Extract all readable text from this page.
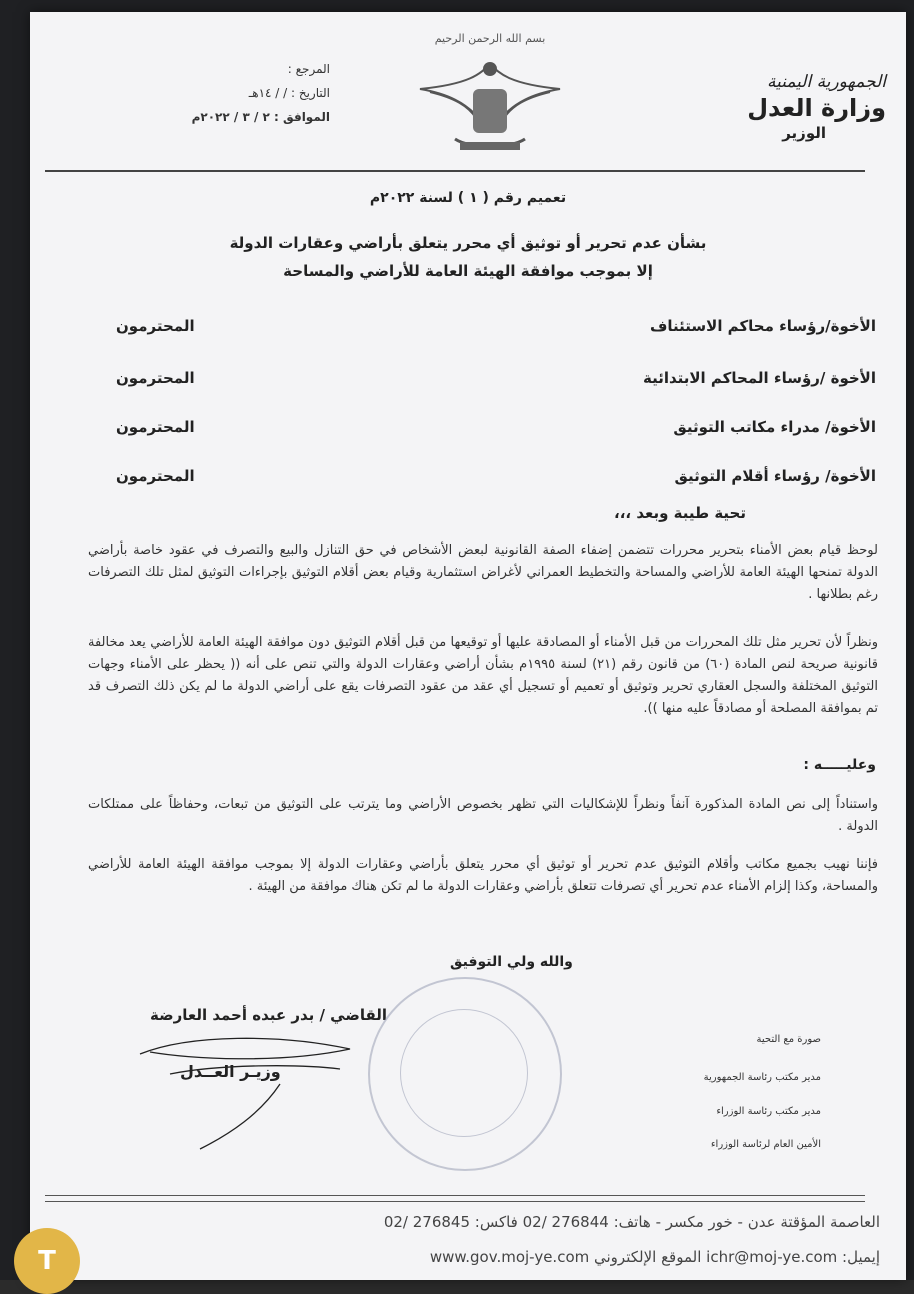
الجمهورية اليمنية
وزارة العدل
الوزير
بسم الله الرحمن الرحيم
المرجع :
التاريخ : / / ١٤هـ
الموافق : ٢ / ٣ / ٢٠٢٢م
تعميم رقم ( ١ ) لسنة ٢٠٢٢م
بشأن عدم تحرير أو توثيق أي محرر يتعلق بأراضي وعقارات الدولة
إلا بموجب موافقة الهيئة العامة للأراضي والمساحة
الأخوة/رؤساء محاكم الاستئناف
المحترمون
الأخوة /رؤساء المحاكم الابتدائية
المحترمون
الأخوة/ مدراء مكاتب التوثيق
المحترمون
الأخوة/ رؤساء أقلام التوثيق
المحترمون
تحية طيبة وبعد ،،،
لوحظ قيام بعض الأمناء بتحرير محررات تتضمن إضفاء الصفة القانونية لبعض الأشخاص في حق التنازل والبيع والتصرف في عقود خاصة بأراضي الدولة تمنحها الهيئة العامة للأراضي والمساحة والتخطيط العمراني لأغراض استثمارية وقيام بعض أقلام التوثيق بإجراءات التوثيق لمثل تلك التصرفات رغم بطلانها .
ونظراً لأن تحرير مثل تلك المحررات من قبل الأمناء أو المصادقة عليها أو توقيعها من قبل أقلام التوثيق دون موافقة الهيئة العامة للأراضي يعد مخالفة قانونية صريحة لنص المادة (٦٠) من قانون رقم (٢١) لسنة ١٩٩٥م بشأن أراضي وعقارات الدولة والتي تنص على أنه (( يحظر على الأمناء وجهات التوثيق المختلفة والسجل العقاري تحرير وتوثيق أو تعميم أو تسجيل أي عقد من عقود التصرفات يقع على أراضي الدولة ما لم يكن ذلك التصرف قد تم بموافقة المصلحة أو مصادقاً عليه منها )).
وعليـــــه :
واستناداً إلى نص المادة المذكورة آنفاً ونظراً للإشكاليات التي تظهر بخصوص الأراضي وما يترتب على التوثيق من تبعات، وحفاظاً على ممتلكات الدولة .
فإننا نهيب بجميع مكاتب وأقلام التوثيق عدم تحرير أو توثيق أي محرر يتعلق بأراضي وعقارات الدولة إلا بموجب موافقة الهيئة العامة للأراضي والمساحة، وكذا إلزام الأمناء عدم تحرير أي تصرفات تتعلق بأراضي وعقارات الدولة ما لم تكن هناك موافقة من الهيئة .
والله ولي التوفيق
القاضي / بدر عبده أحمد العارضة
وزيـر العــدل
صورة مع التحية
مدير مكتب رئاسة الجمهورية
مدير مكتب رئاسة الوزراء
الأمين العام لرئاسة الوزراء
العاصمة المؤقتة عدن - خور مكسر - هاتف: 276844 /02 فاكس: 276845 /02
إيميل: ichr@moj-ye.com الموقع الإلكتروني www.gov.moj-ye.com
T
